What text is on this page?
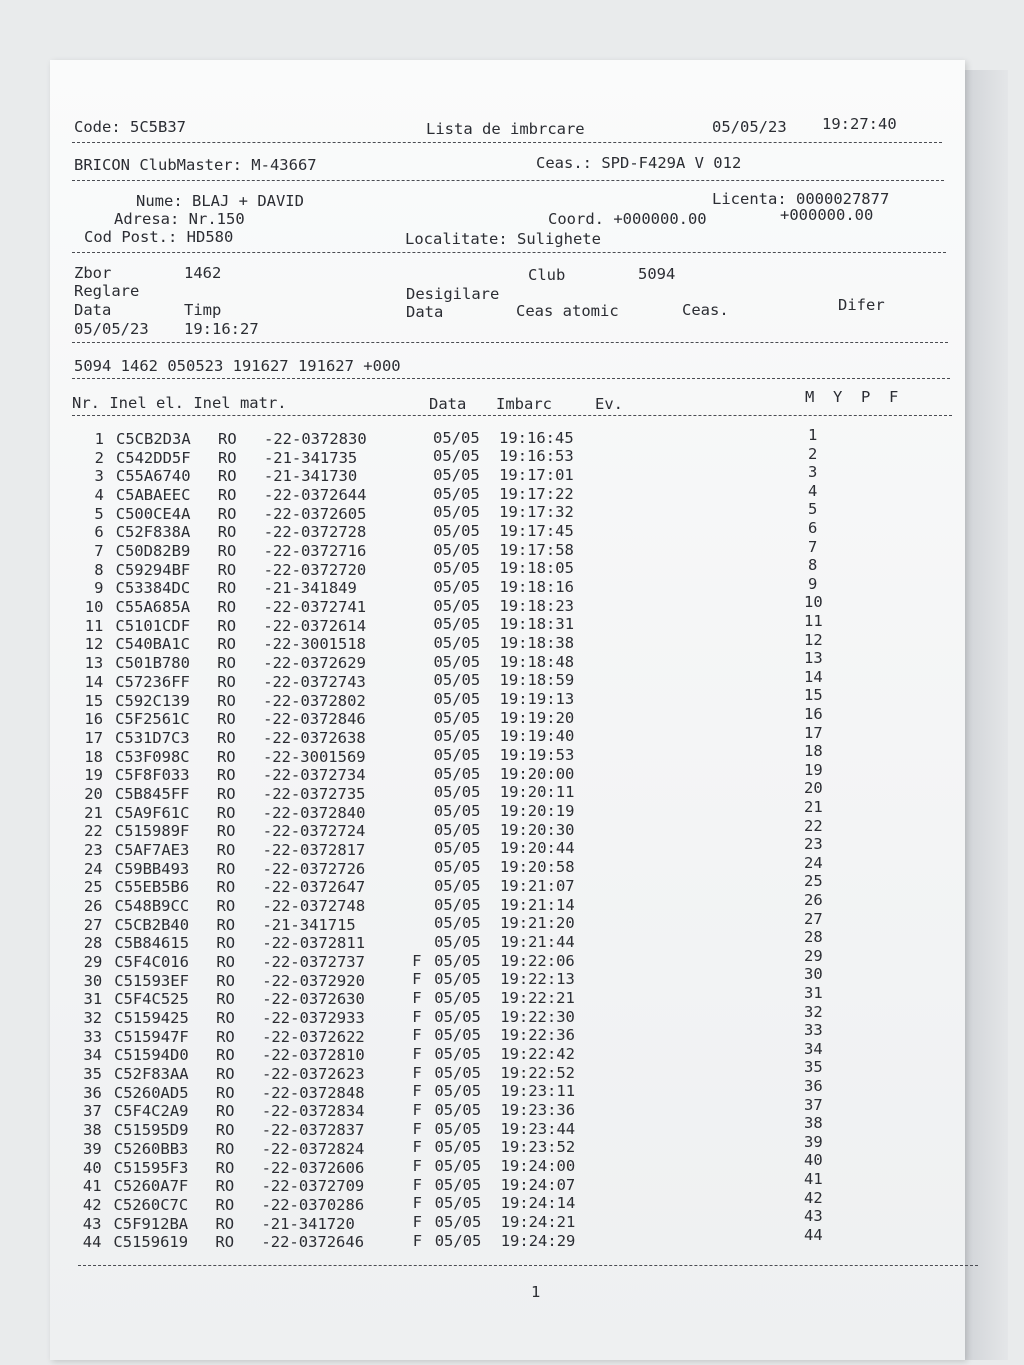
Code: 5C5B37	Lista de imbrcare	05/05/23 19:27:40
BRICON ClubMaster: M-43667	Ceas.: SPD-F429A V 012
Nume: BLAJ + DAVID
Adresa: Nr.150
Cod Post.: HD580
Licenta: 0000027877
Coord. +000000.00	+000000.00
Localitate: Sulighete
Zbor	1462	Club	5094
Reglare	Desigilare
Data	Timp	Data	Ceas atomic	Ceas.	Difer
05/05/23 19:16:27
5094 1462 050523 191627 191627 +000
Nr. Inel el. Inel matr.	Data Imbarc	Ev.	M  Y  P  F
1 C5CB2D3A RO -22-0372830	05/05 19:16:45	1
2 C542DD5F RO -21-341735	05/05 19:16:53	2
3 C55A6740 RO -21-341730	05/05 19:17:01	3
4 C5ABAEEC RO -22-0372644	05/05 19:17:22	4
5 C500CE4A RO -22-0372605	05/05 19:17:32	5
6 C52F838A RO -22-0372728	05/05 19:17:45	6
7 C50D82B9 RO -22-0372716	05/05 19:17:58	7
8 C59294BF RO -22-0372720	05/05 19:18:05	8
9 C53384DC RO -21-341849	05/05 19:18:16	9
10 C55A685A RO -22-0372741	05/05 19:18:23	10
11 C5101CDF RO -22-0372614	05/05 19:18:31	11
12 C540BA1C RO -22-3001518	05/05 19:18:38	12
13 C501B780 RO -22-0372629	05/05 19:18:48	13
14 C57236FF RO -22-0372743	05/05 19:18:59	14
15 C592C139 RO -22-0372802	05/05 19:19:13	15
16 C5F2561C RO -22-0372846	05/05 19:19:20	16
17 C531D7C3 RO -22-0372638	05/05 19:19:40	17
18 C53F098C RO -22-3001569	05/05 19:19:53	18
19 C5F8F033 RO -22-0372734	05/05 19:20:00	19
20 C5B845FF RO -22-0372735	05/05 19:20:11	20
21 C5A9F61C RO -22-0372840	05/05 19:20:19	21
22 C515989F RO -22-0372724	05/05 19:20:30	22
23 C5AF7AE3 RO -22-0372817	05/05 19:20:44	23
24 C59BB493 RO -22-0372726	05/05 19:20:58	24
25 C55EB5B6 RO -22-0372647	05/05 19:21:07	25
26 C548B9CC RO -22-0372748	05/05 19:21:14	26
27 C5CB2B40 RO -21-341715	05/05 19:21:20	27
28 C5B84615 RO -22-0372811	05/05 19:21:44	28
29 C5F4C016 RO -22-0372737	F 05/05 19:22:06	29
30 C51593EF RO -22-0372920	F 05/05 19:22:13	30
31 C5F4C525 RO -22-0372630	F 05/05 19:22:21	31
32 C5159425 RO -22-0372933	F 05/05 19:22:30	32
33 C515947F RO -22-0372622	F 05/05 19:22:36	33
34 C51594D0 RO -22-0372810	F 05/05 19:22:42	34
35 C52F83AA RO -22-0372623	F 05/05 19:22:52	35
36 C5260AD5 RO -22-0372848	F 05/05 19:23:11	36
37 C5F4C2A9 RO -22-0372834	F 05/05 19:23:36	37
38 C51595D9 RO -22-0372837	F 05/05 19:23:44	38
39 C5260BB3 RO -22-0372824	F 05/05 19:23:52	39
40 C51595F3 RO -22-0372606	F 05/05 19:24:00	40
41 C5260A7F RO -22-0372709	F 05/05 19:24:07	41
42 C5260C7C RO -22-0370286	F 05/05 19:24:14	42
43 C5F912BA RO -21-341720	F 05/05 19:24:21	43
44 C5159619 RO -22-0372646	F 05/05 19:24:29	44
1
